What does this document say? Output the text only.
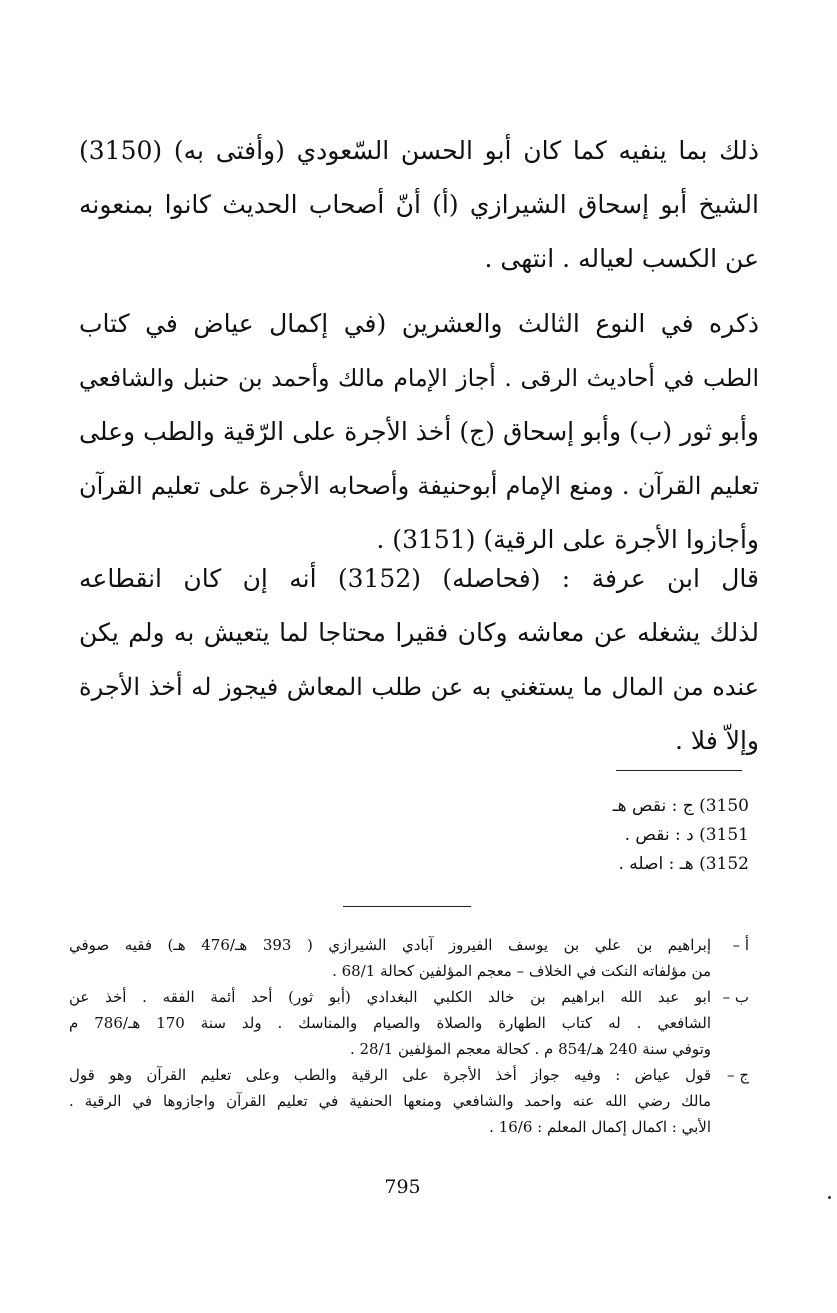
ذلك بما ينفيه كما كان أبو الحسن السّعودي (وأفتى به) (3150)
الشيخ أبو إسحاق الشيرازي (أ) أنّ أصحاب الحديث كانوا بمنعونه
عن الكسب لعياله . انتهى .
ذكره في النوع الثالث والعشرين (في إكمال عياض في كتاب
الطب في أحاديث الرقى . أجاز الإمام مالك وأحمد بن حنبل والشافعي
وأبو ثور (ب) وأبو إسحاق (ج) أخذ الأجرة على الرّقية والطب وعلى
تعليم القرآن . ومنع الإمام أبوحنيفة وأصحابه الأجرة على تعليم القرآن
وأجازوا الأجرة على الرقية) (3151) .
قال ابن عرفة : (فحاصله) (3152) أنه إن كان انقطاعه
لذلك يشغله عن معاشه وكان فقيرا محتاجا لما يتعيش به ولم يكن
عنده من المال ما يستغني به عن طلب المعاش فيجوز له أخذ الأجرة
وإلاّ فلا .
3150) ج : نقص هـ
3151) د : نقص .
3152) هـ : اصله .
أ –
إبراهيم بن علي بن يوسف الفيروز آبادي الشيرازي ( 393 هـ/476 هـ) فقيه صوفي
من مؤلفاته النكت في الخلاف – معجم المؤلفين كحالة 68/1 .
ب –
ابو عبد الله ابراهيم بن خالد الكلبي البغدادي (أبو ثور) أحد أئمة الفقه . أخذ عن
الشافعي . له كتاب الطهارة والصلاة والصيام والمناسك . ولد سنة 170 هـ/786 م
وتوفي سنة 240 هـ/854 م . كحالة معجم المؤلفين 28/1 .
ج –
قول عياض : وفيه جواز أخذ الأجرة على الرقية والطب وعلى تعليم القرآن وهو قول
مالك رضي الله عنه واحمد والشافعي ومنعها الحنفية في تعليم القرآن واجازوها في الرقية .
الأبي : اكمال إكمال المعلم : 16/6 .
795
